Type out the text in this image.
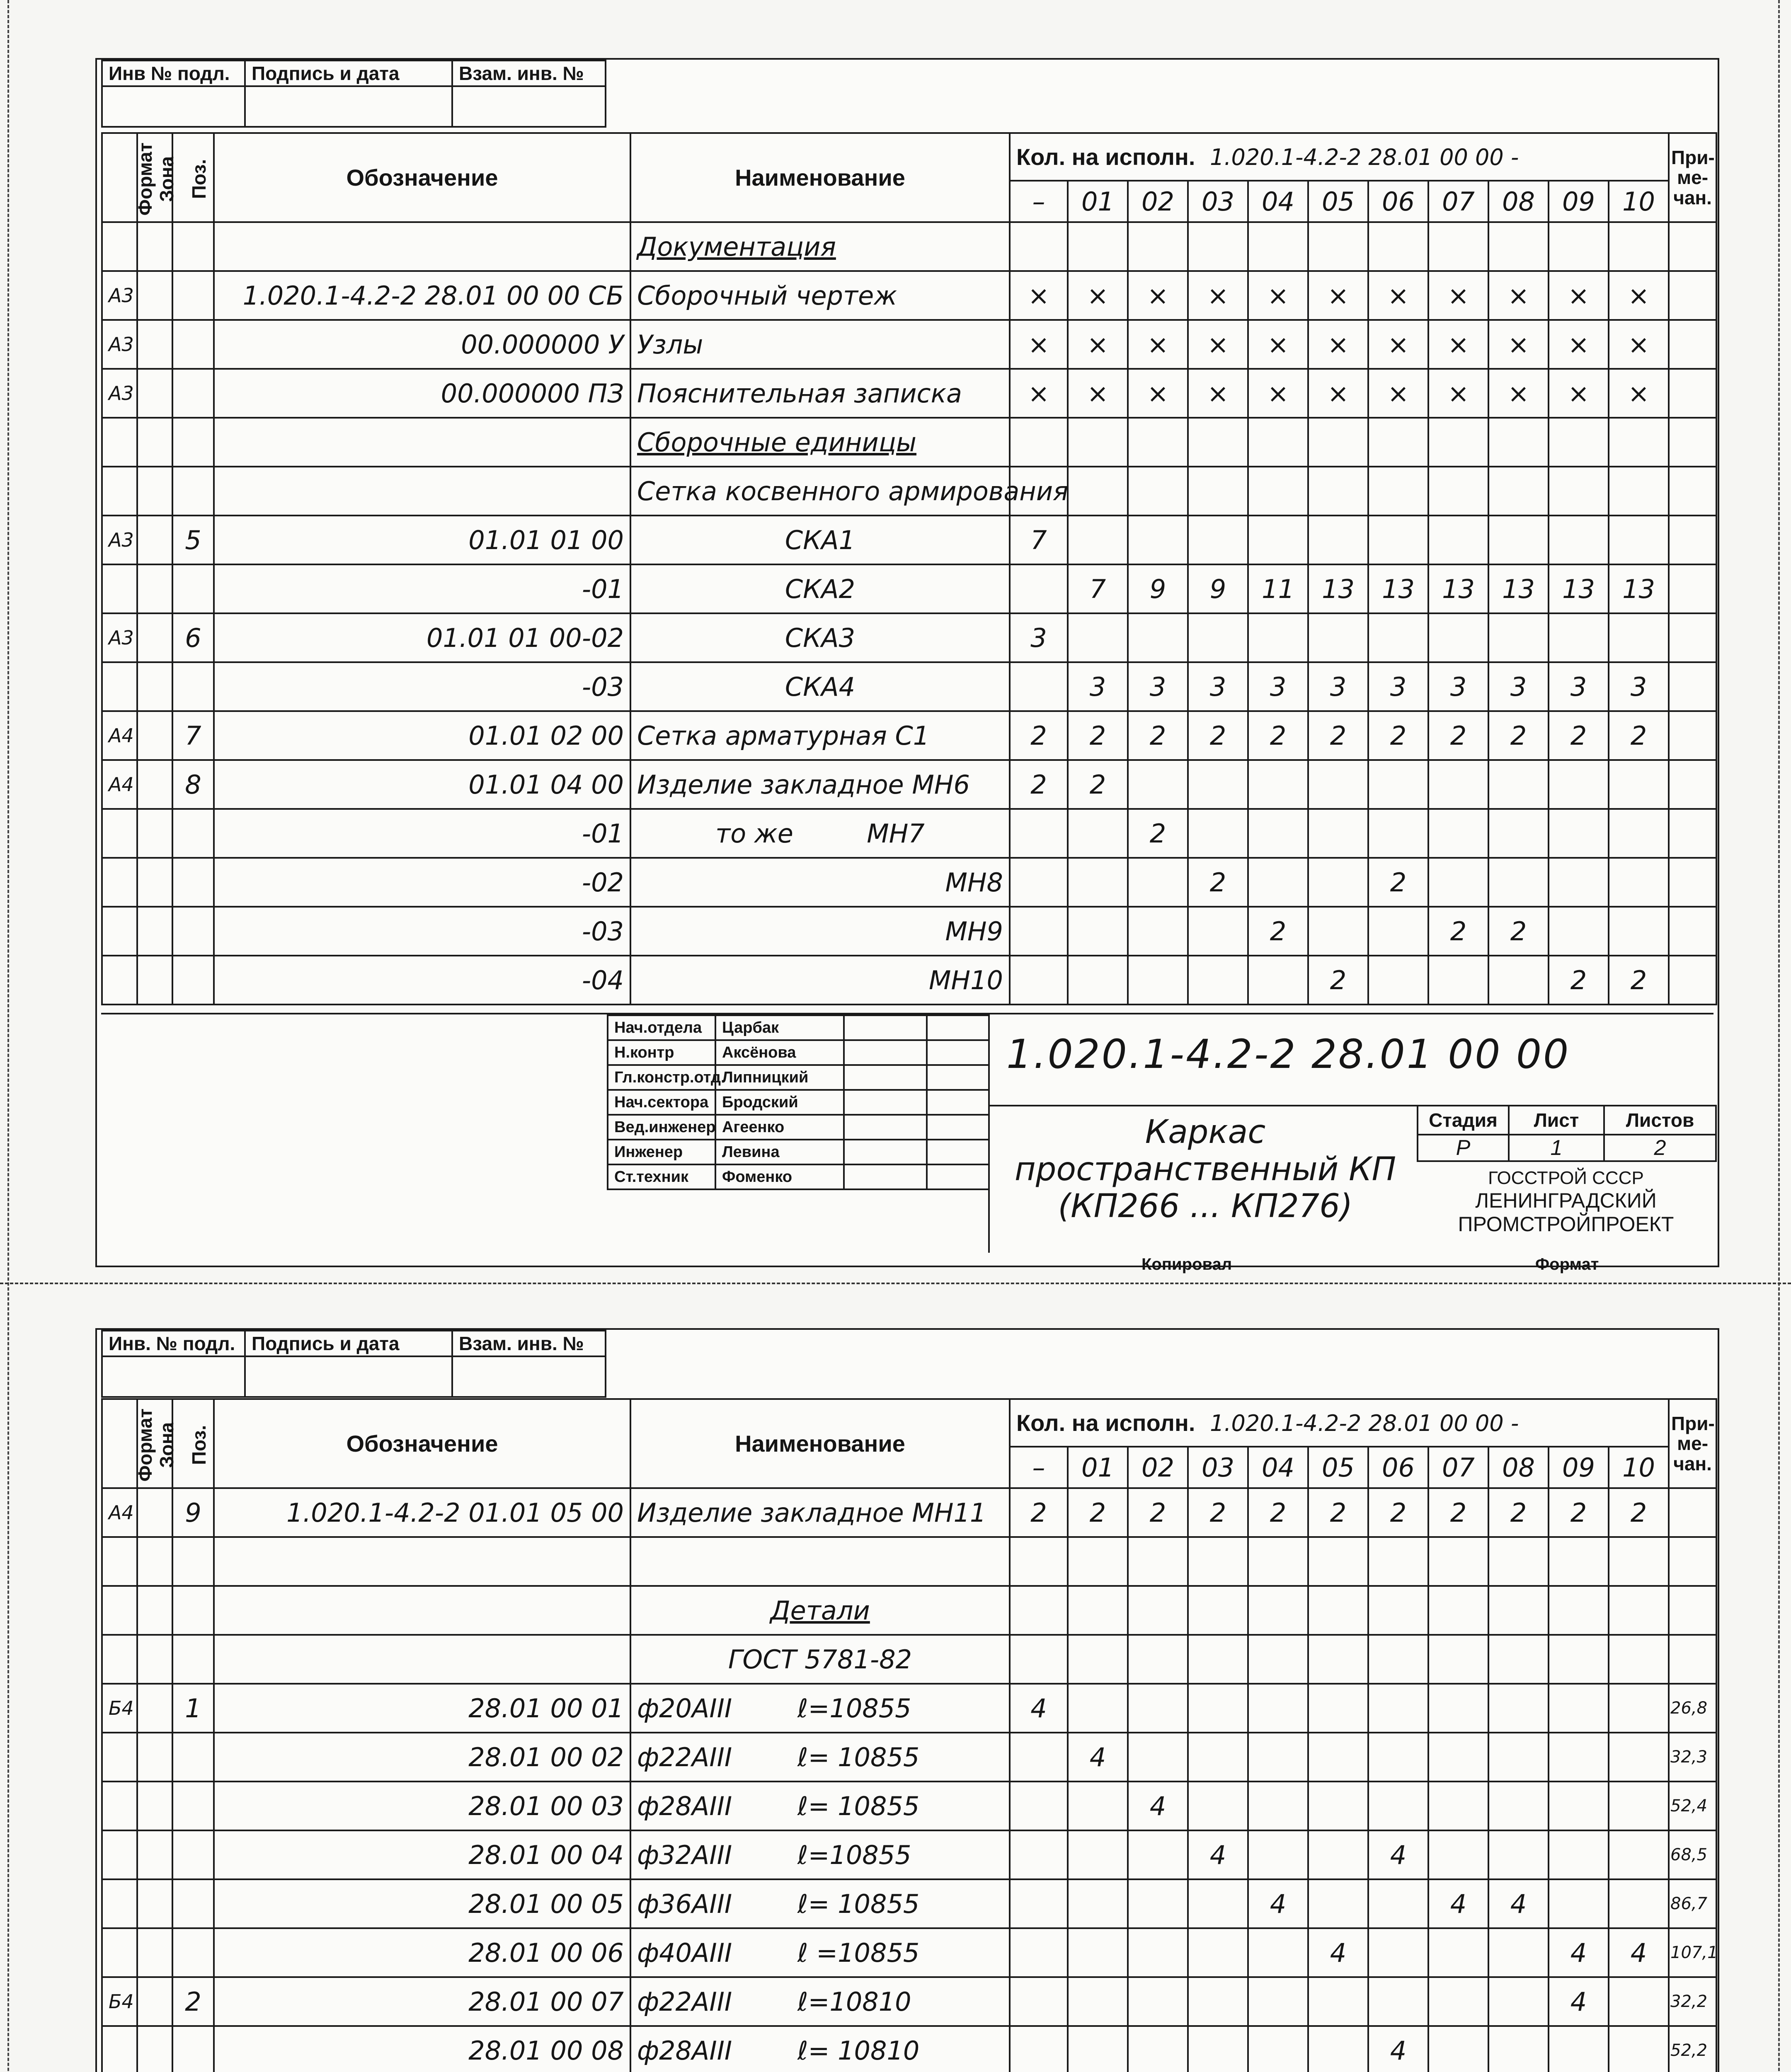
Инв № подл.	Подпись и дата	Взам. инв. №

Формат	Зона	Поз.	Обозначение	Наименование	Кол. на исполн. 1.020.1-4.2-2 28.01 00 00 -											При-ме-чан.
					–	01	02	03	04	05	06	07	08	09	10	
				Документация												
А3			1.020.1-4.2-2 28.01 00 00 СБ	Сборочный чертеж	×	×	×	×	×	×	×	×	×	×	×	
А3			00.000000 У	Узлы	×	×	×	×	×	×	×	×	×	×	×	
А3			00.000000 ПЗ	Пояснительная записка	×	×	×	×	×	×	×	×	×	×	×	
				Сборочные единицы												
				Сетка косвенного армирования												
А3		5	01.01 01 00	СКА1	7											
			-01	СКА2		7	9	9	11	13	13	13	13	13	13	
А3		6	01.01 01 00-02	СКА3	3											
			-03	СКА4		3	3	3	3	3	3	3	3	3	3	
А4		7	01.01 02 00	Сетка арматурная С1	2	2	2	2	2	2	2	2	2	2	2	
А4		8	01.01 04 00	Изделие закладное МН6	2	2										
			-01	то же         МН7			2									
			-02	МН8				2			2					
			-03	МН9					2			2	2			
			-04	МН10						2				2	2	
Нач.отдела	Царбак		
Н.контр	Аксёнова		
Гл.констр.отд.	Липницкий		
Нач.сектора	Бродский		
Вед.инженер	Агеенко		
Инженер	Левина		
Ст.техник	Фоменко		
1.020.1-4.2-2 28.01 00 00
Каркас
пространственный КП
(КП266 ... КП276)
Стадия	Лист	Листов
Р	1	2
ГОССТРОЙ СССР
ЛЕНИНГРАДСКИЙ
ПРОМСТРОЙПРОЕКТ
Копировал	Формат
Инв. № подл.	Подпись и дата	Взам. инв. №

Формат	Зона	Поз.	Обозначение	Наименование	Кол. на исполн. 1.020.1-4.2-2 28.01 00 00 -											При-ме-чан.
					–	01	02	03	04	05	06	07	08	09	10	
А4		9	1.020.1-4.2-2 01.01 05 00	Изделие закладное МН11	2	2	2	2	2	2	2	2	2	2	2	

				Детали												
				ГОСТ 5781-82												
Б4		1	28.01 00 01	ф20АIII        ℓ=10855	4											26,8
			28.01 00 02	ф22АIII        ℓ= 10855		4										32,3
			28.01 00 03	ф28АIII        ℓ= 10855			4									52,4
			28.01 00 04	ф32АIII        ℓ=10855				4			4					68,5
			28.01 00 05	ф36АIII        ℓ= 10855					4			4	4			86,7
			28.01 00 06	ф40АIII        ℓ =10855						4				4	4	107,1
Б4		2	28.01 00 07	ф22АIII        ℓ=10810										4		32,2
			28.01 00 08	ф28АIII        ℓ= 10810							4					52,2
